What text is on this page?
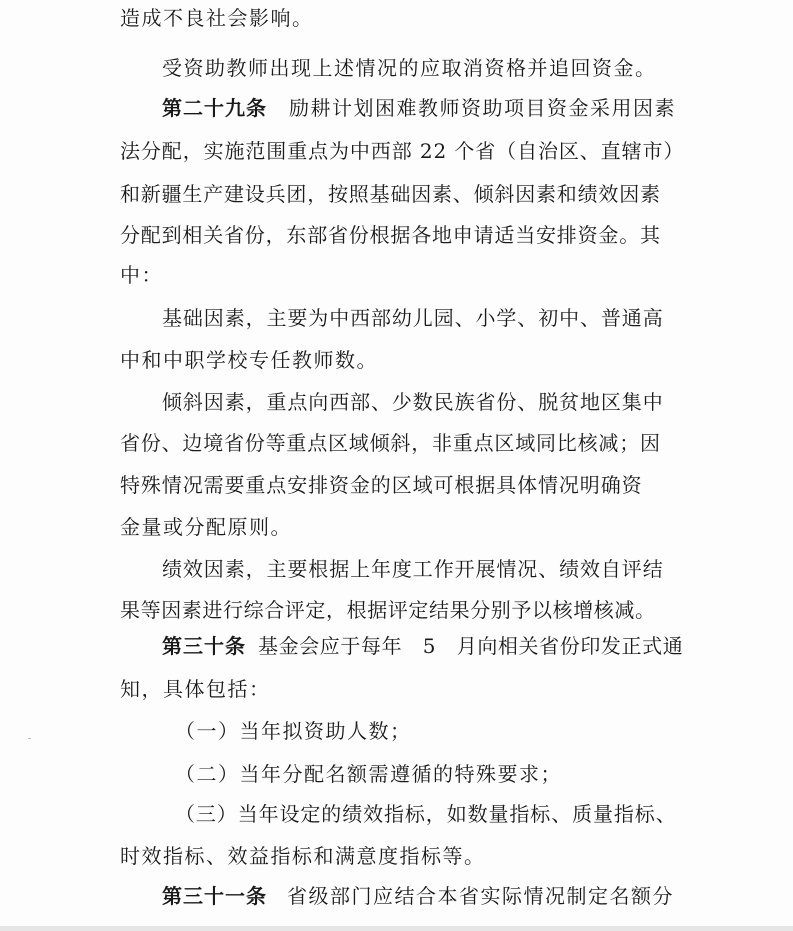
造成不良社会影响。
受资助教师出现上述情况的应取消资格并追回资金。
第二十九条 励耕计划困难教师资助项目资金采用因素
法分配，实施范围重点为中西部 22 个省（自治区、直辖市）
和新疆生产建设兵团，按照基础因素、倾斜因素和绩效因素
分配到相关省份，东部省份根据各地申请适当安排资金。其
中：
基础因素，主要为中西部幼儿园、小学、初中、普通高
中和中职学校专任教师数。
倾斜因素，重点向西部、少数民族省份、脱贫地区集中
省份、边境省份等重点区域倾斜，非重点区域同比核减；因
特殊情况需要重点安排资金的区域可根据具体情况明确资
金量或分配原则。
绩效因素，主要根据上年度工作开展情况、绩效自评结
果等因素进行综合评定，根据评定结果分别予以核增核减。
第三十条 基金会应于每年　5　月向相关省份印发正式通
知，具体包括：
（一）当年拟资助人数；
（二）当年分配名额需遵循的特殊要求；
（三）当年设定的绩效指标，如数量指标、质量指标、
时效指标、效益指标和满意度指标等。
第三十一条 省级部门应结合本省实际情况制定名额分
